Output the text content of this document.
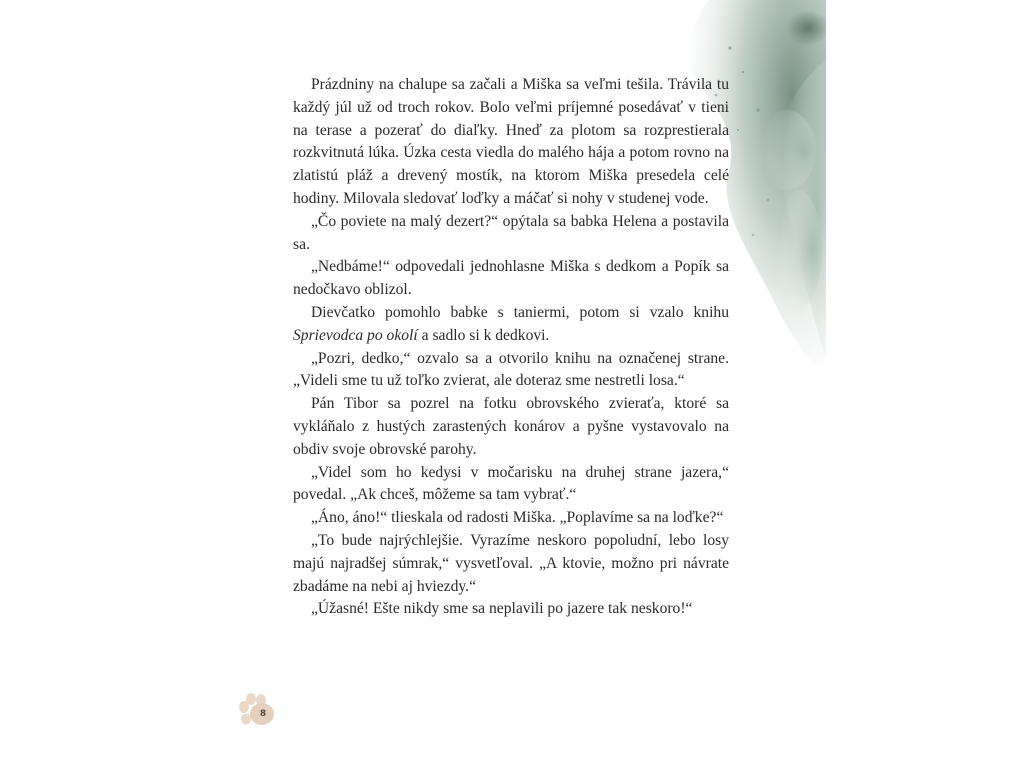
Prázdniny na chalupe sa začali a Miška sa veľmi tešila. Trávila tu každý júl už od troch rokov. Bolo veľmi príjemné posedávať v tieni na terase a pozerať do diaľky. Hneď za plotom sa rozprestierala rozkvitnutá lúka. Úzka cesta viedla do malého hája a potom rovno na zlatistú pláž a drevený mostík, na ktorom Miška presedela celé hodiny. Milovala sledovať loďky a máčať si nohy v studenej vode.

„Čo poviete na malý dezert?“ opýtala sa babka Helena a postavila sa.

„Nedbáme!“ odpovedali jednohlasne Miška s dedkom a Popík sa nedočkavo oblizol.

Dievčatko pomohlo babke s taniermi, potom si vzalo knihu Sprievodca po okolí a sadlo si k dedkovi.

„Pozri, dedko,“ ozvalo sa a otvorilo knihu na označenej strane. „Videli sme tu už toľko zvierat, ale doteraz sme nestretli losa.“

Pán Tibor sa pozrel na fotku obrovského zvieraťa, ktoré sa vykláňalo z hustých zarastených konárov a pyšne vystavovalo na obdiv svoje obrovské parohy.

„Videl som ho kedysi v močarisku na druhej strane jazera,“ povedal. „Ak chceš, môžeme sa tam vybrať.“

„Áno, áno!“ tlieskala od radosti Miška. „Poplavíme sa na loďke?“

„To bude najrýchlejšie. Vyrazíme neskoro popoludní, lebo losy majú najradšej súmrak,“ vysvetľoval. „A ktovie, možno pri návrate zbadáme na nebi aj hviezdy.“

„Úžasné! Ešte nikdy sme sa neplavili po jazere tak neskoro!“

8
